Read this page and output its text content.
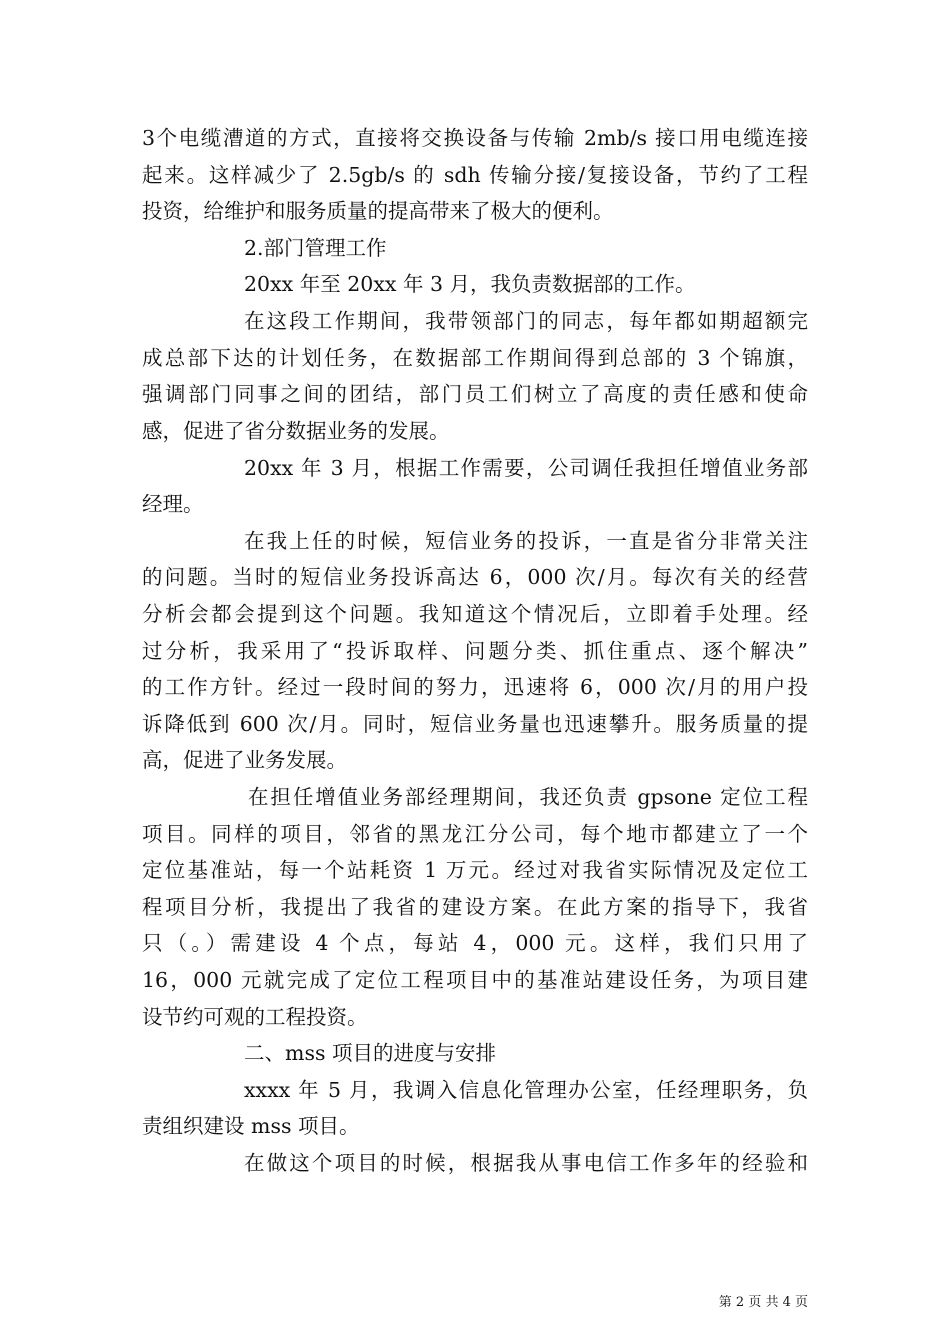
3个电缆漕道的方式，直接将交换设备与传输 2mb/s 接口用电缆连接
起来。这样减少了 2.5gb/s 的 sdh 传输分接/复接设备，节约了工程
投资，给维护和服务质量的提高带来了极大的便利。
2.部门管理工作
20xx 年至 20xx 年 3 月，我负责数据部的工作。
在这段工作期间，我带领部门的同志，每年都如期超额完
成总部下达的计划任务，在数据部工作期间得到总部的 3 个锦旗，
强调部门同事之间的团结，部门员工们树立了高度的责任感和使命
感，促进了省分数据业务的发展。
20xx 年 3 月，根据工作需要，公司调任我担任增值业务部
经理。
在我上任的时候，短信业务的投诉，一直是省分非常关注
的问题。当时的短信业务投诉高达 6，000 次/月。每次有关的经营
分析会都会提到这个问题。我知道这个情况后，立即着手处理。经
过分析，我采用了“投诉取样、问题分类、抓住重点、逐个解决”
的工作方针。经过一段时间的努力，迅速将 6，000 次/月的用户投
诉降低到 600 次/月。同时，短信业务量也迅速攀升。服务质量的提
高，促进了业务发展。
在担任增值业务部经理期间，我还负责 gpsone 定位工程
项目。同样的项目，邻省的黑龙江分公司，每个地市都建立了一个
定位基准站，每一个站耗资 1 万元。经过对我省实际情况及定位工
程项目分析，我提出了我省的建设方案。在此方案的指导下，我省
只（。）需建设 4 个点，每站 4，000 元。这样，我们只用了
16，000 元就完成了定位工程项目中的基准站建设任务，为项目建
设节约可观的工程投资。
二、mss 项目的进度与安排
xxxx 年 5 月，我调入信息化管理办公室，任经理职务，负
责组织建设 mss 项目。
在做这个项目的时候，根据我从事电信工作多年的经验和
第 2 页 共 4 页
